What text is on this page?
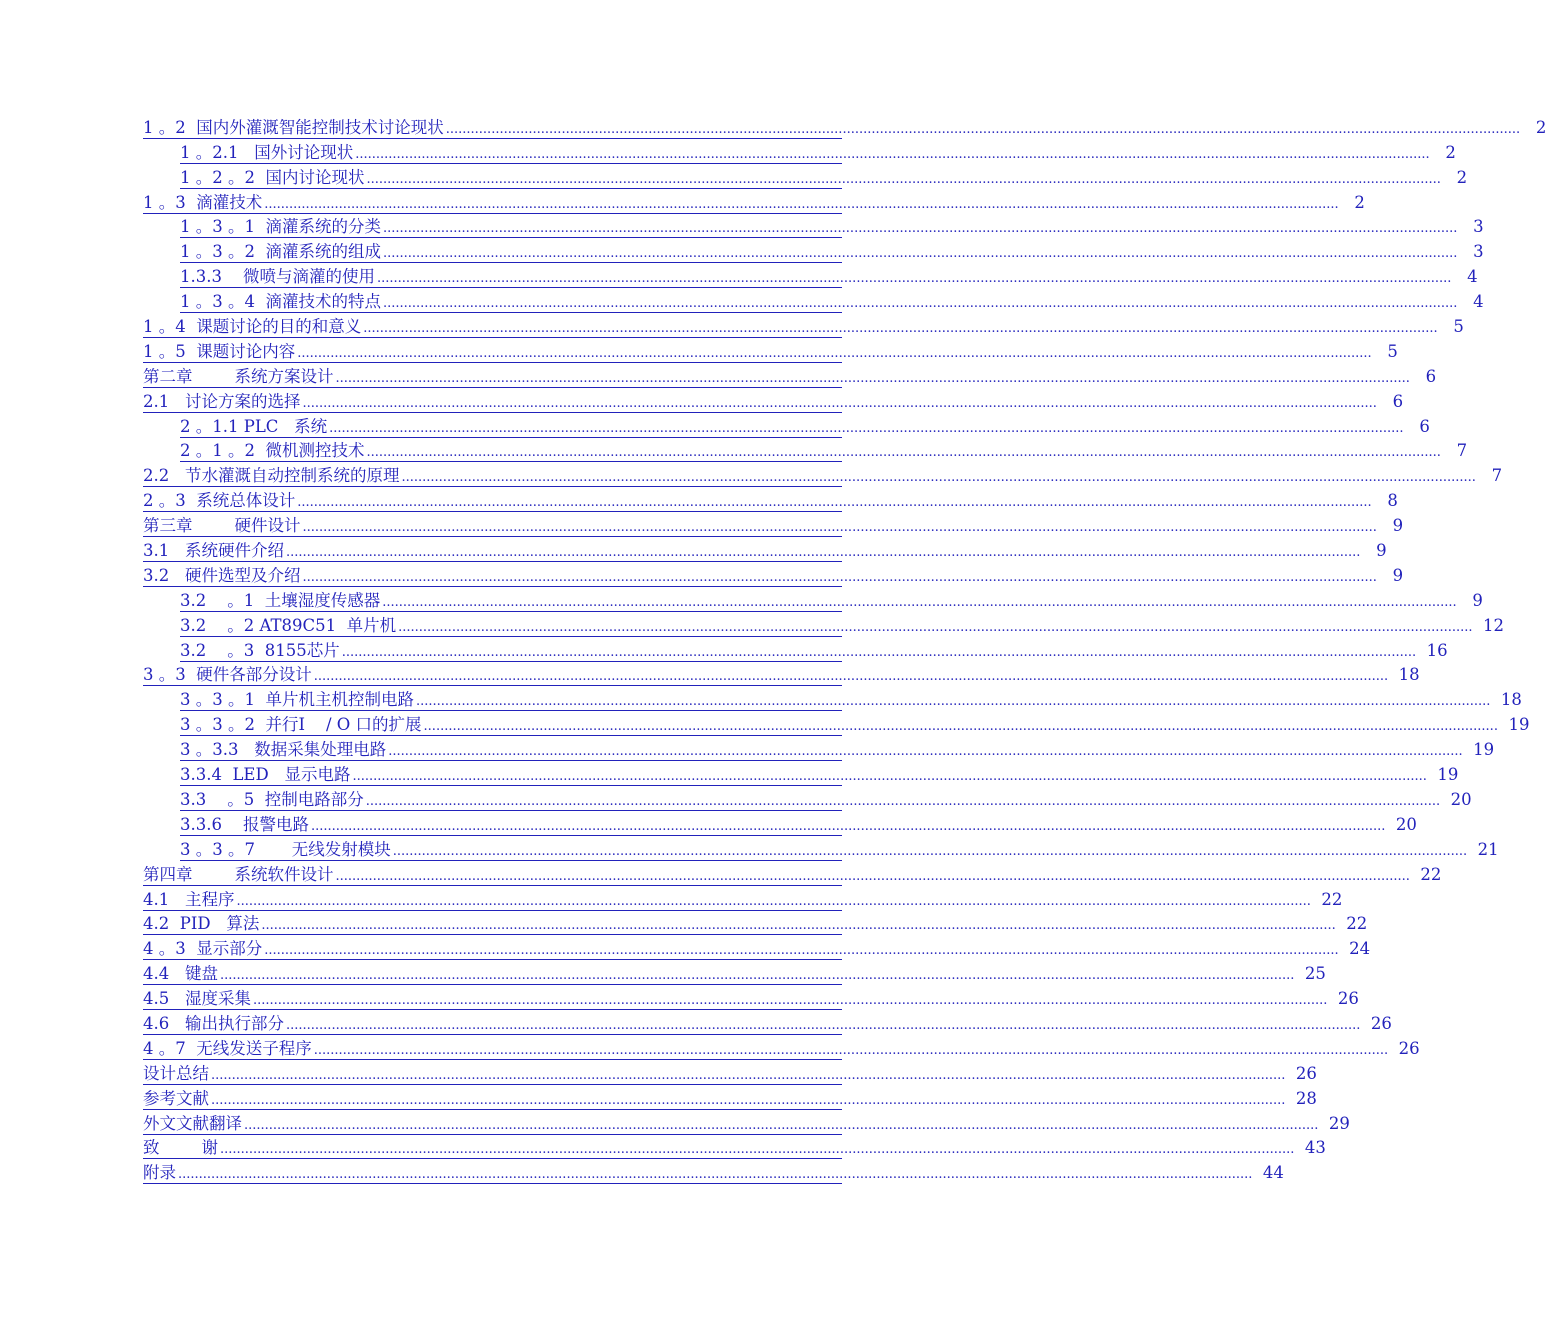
1 。2  国内外灌溉智能控制技术讨论现状 .................................................................................................................................................................................................................................................................... 2
1 。2.1   国外讨论现状 .................................................................................................................................................................................................................................................................... 2
1 。2 。2  国内讨论现状 .................................................................................................................................................................................................................................................................... 2
1 。3  滴灌技术 .................................................................................................................................................................................................................................................................... 2
1 。3 。1  滴灌系统的分类 .................................................................................................................................................................................................................................................................... 3
1 。3 。2  滴灌系统的组成 .................................................................................................................................................................................................................................................................... 3
1.3.3    微喷与滴灌的使用 .................................................................................................................................................................................................................................................................... 4
1 。3 。4  滴灌技术的特点 .................................................................................................................................................................................................................................................................... 4
1 。4  课题讨论的目的和意义 .................................................................................................................................................................................................................................................................... 5
1 。5  课题讨论内容 .................................................................................................................................................................................................................................................................... 5
第二章        系统方案设计 .................................................................................................................................................................................................................................................................... 6
2.1   讨论方案的选择 .................................................................................................................................................................................................................................................................... 6
2 。1.1 PLC   系统 .................................................................................................................................................................................................................................................................... 6
2 。1 。2  微机测控技术 .................................................................................................................................................................................................................................................................... 7
2.2   节水灌溉自动控制系统的原理 .................................................................................................................................................................................................................................................................... 7
2 。3  系统总体设计 .................................................................................................................................................................................................................................................................... 8
第三章        硬件设计 .................................................................................................................................................................................................................................................................... 9
3.1   系统硬件介绍 .................................................................................................................................................................................................................................................................... 9
3.2   硬件选型及介绍 .................................................................................................................................................................................................................................................................... 9
3.2    。1  土壤湿度传感器 .................................................................................................................................................................................................................................................................... 9
3.2    。2 AT89C51  单片机 .................................................................................................................................................................................................................................................................... 12
3.2    。3  8155芯片 .................................................................................................................................................................................................................................................................... 16
3 。3  硬件各部分设计 .................................................................................................................................................................................................................................................................... 18
3 。3 。1  单片机主机控制电路 .................................................................................................................................................................................................................................................................... 18
3 。3 。2  并行I    / O 口的扩展 .................................................................................................................................................................................................................................................................... 19
3 。3.3   数据采集处理电路 .................................................................................................................................................................................................................................................................... 19
3.3.4  LED   显示电路 .................................................................................................................................................................................................................................................................... 19
3.3    。5  控制电路部分 .................................................................................................................................................................................................................................................................... 20
3.3.6    报警电路 .................................................................................................................................................................................................................................................................... 20
3 。3 。7       无线发射模块 .................................................................................................................................................................................................................................................................... 21
第四章        系统软件设计 .................................................................................................................................................................................................................................................................... 22
4.1   主程序 .................................................................................................................................................................................................................................................................... 22
4.2  PID   算法 .................................................................................................................................................................................................................................................................... 22
4 。3  显示部分 .................................................................................................................................................................................................................................................................... 24
4.4   键盘 .................................................................................................................................................................................................................................................................... 25
4.5   湿度采集 .................................................................................................................................................................................................................................................................... 26
4.6   输出执行部分 .................................................................................................................................................................................................................................................................... 26
4 。7  无线发送子程序 .................................................................................................................................................................................................................................................................... 26
设计总结 .................................................................................................................................................................................................................................................................... 26
参考文献 .................................................................................................................................................................................................................................................................... 28
外文文献翻译 .................................................................................................................................................................................................................................................................... 29
致        谢 .................................................................................................................................................................................................................................................................... 43
附录 .................................................................................................................................................................................................................................................................... 44
